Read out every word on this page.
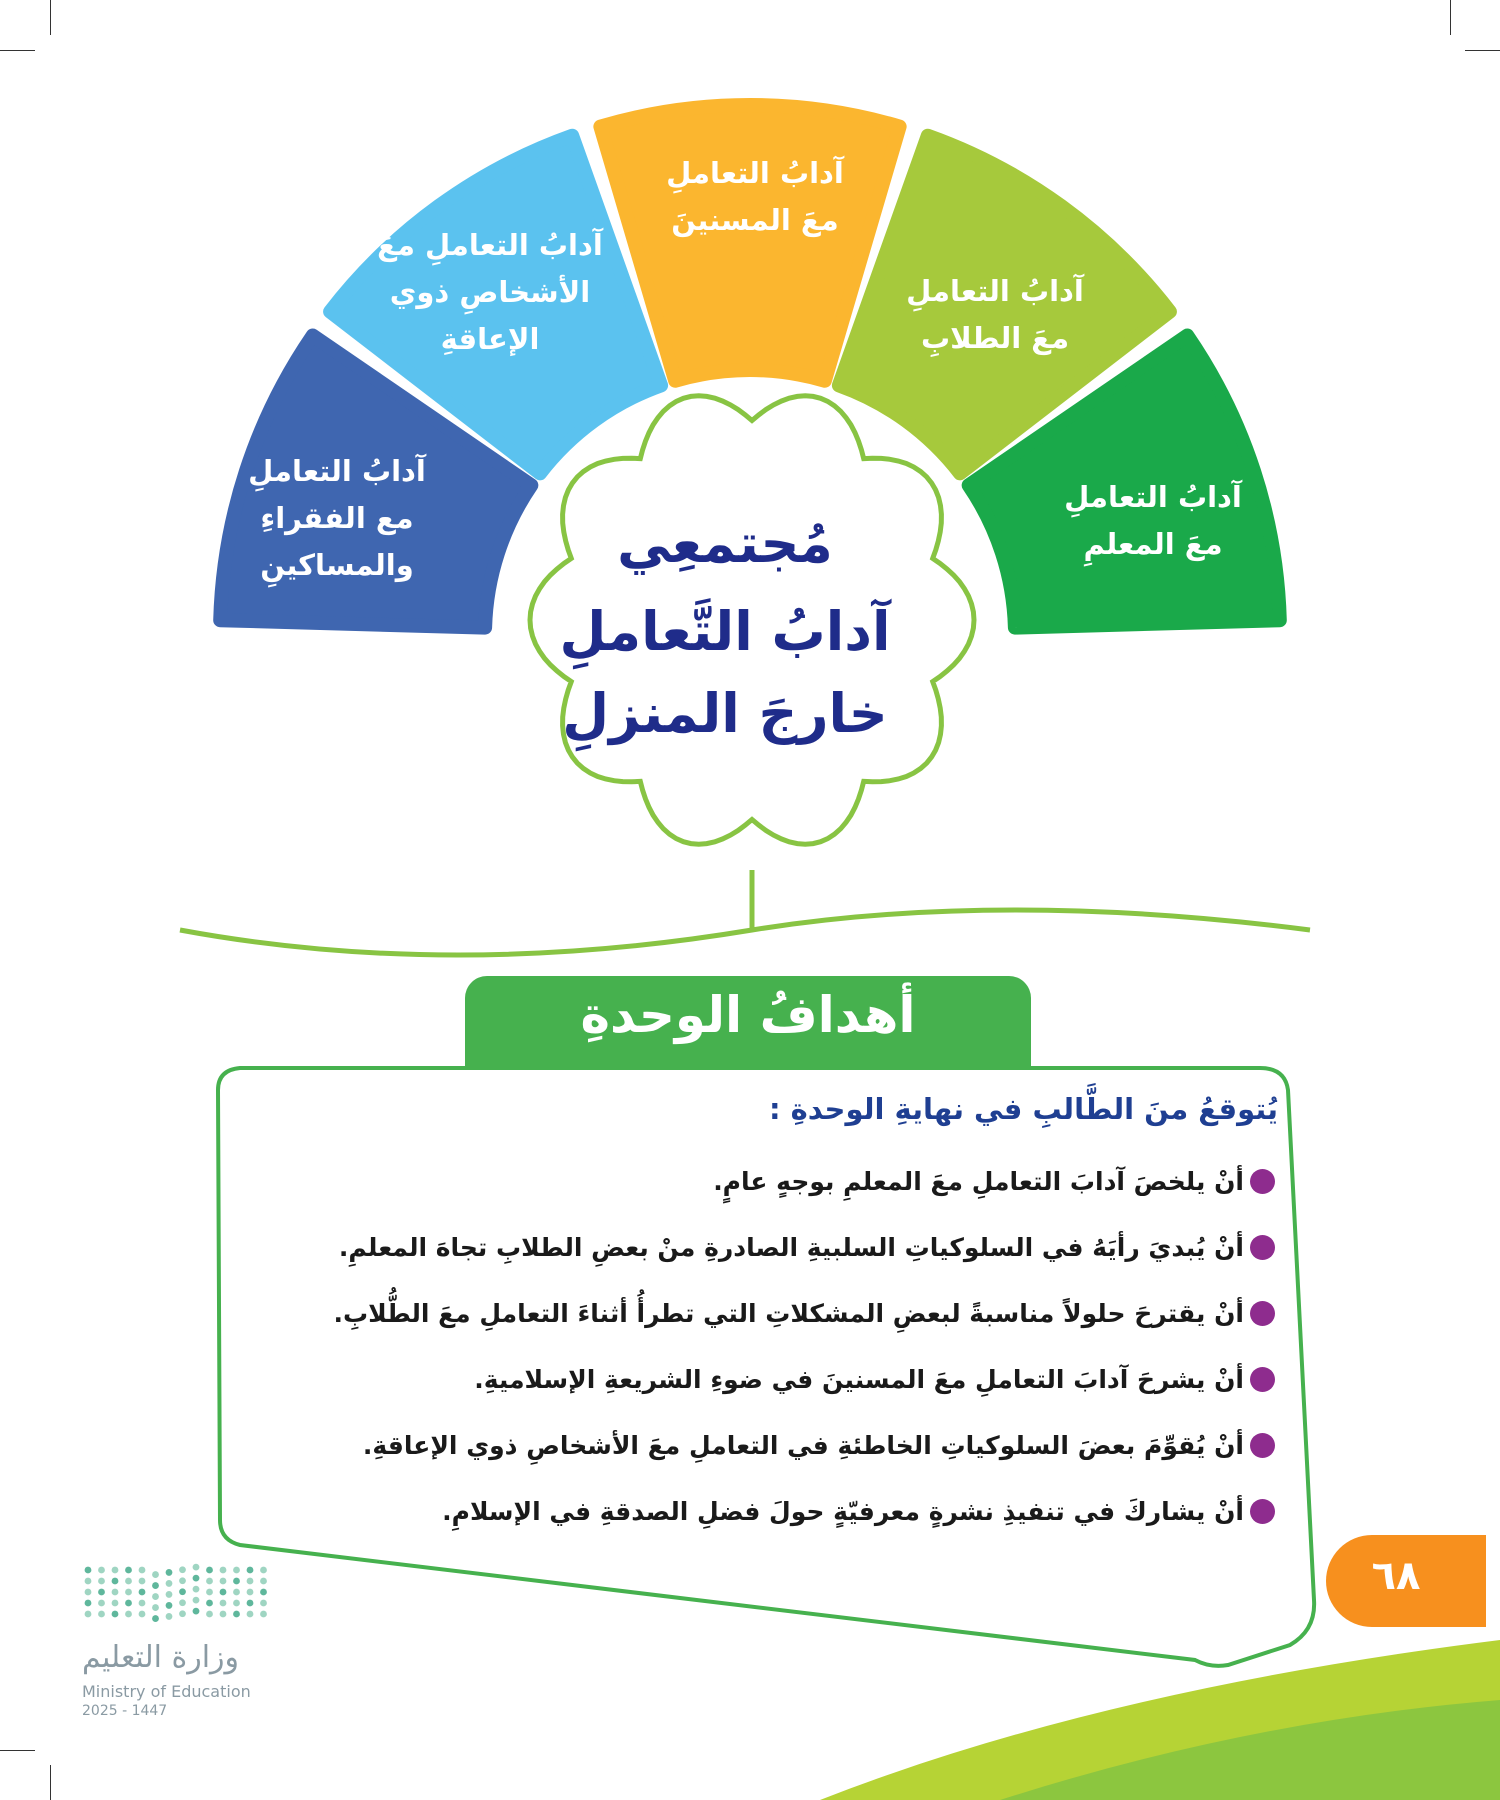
آدابُ التعاملِ
مع الفقراءِ
والمساكينِ
آدابُ التعاملِ معَ
الأشخاصِ ذوي
الإعاقةِ
آدابُ التعاملِ
معَ المسنينَ
آدابُ التعاملِ
معَ الطلابِ
آدابُ التعاملِ
معَ المعلمِ
مُجتمعِي
آدابُ التَّعاملِ
خارجَ المنزلِ
أهدافُ الوحدةِ
يُتوقعُ منَ الطَّالبِ في نهايةِ الوحدةِ :
أنْ يلخصَ آدابَ التعاملِ معَ المعلمِ بوجهٍ عامٍ.
أنْ يُبديَ رأيَهُ في السلوكياتِ السلبيةِ الصادرةِ منْ بعضِ الطلابِ تجاهَ المعلمِ.
أنْ يقترحَ حلولاً مناسبةً لبعضِ المشكلاتِ التي تطرأُ أثناءَ التعاملِ معَ الطُّلابِ.
أنْ يشرحَ آدابَ التعاملِ معَ المسنينَ في ضوءِ الشريعةِ الإسلاميةِ.
أنْ يُقوِّمَ بعضَ السلوكياتِ الخاطئةِ في التعاملِ معَ الأشخاصِ ذوي الإعاقةِ.
أنْ يشاركَ في تنفيذِ نشرةٍ معرفيّةٍ حولَ فضلِ الصدقةِ في الإسلامِ.
٦٨
وزارة التعليم
Ministry of Education
2025 - 1447
